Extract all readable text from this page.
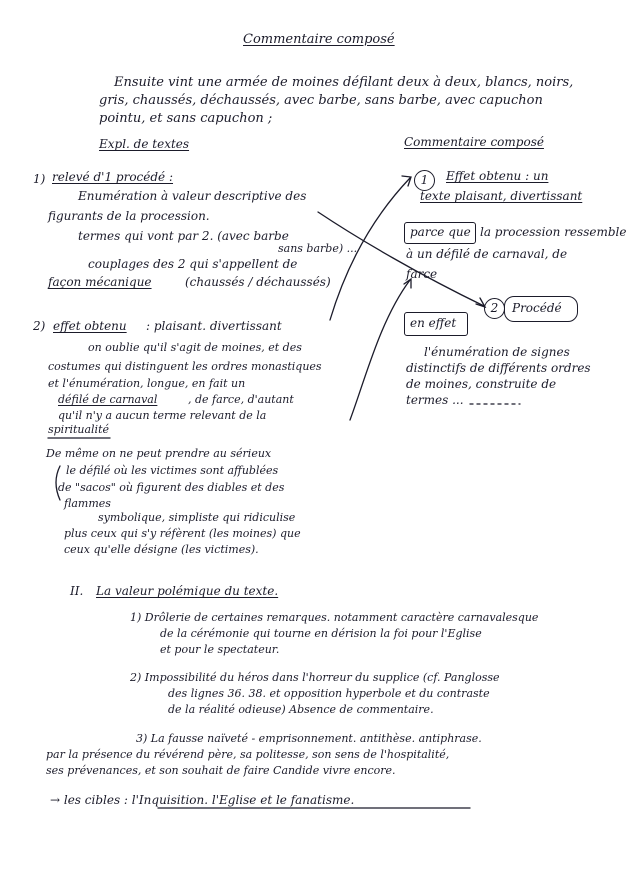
Commentaire composé
Ensuite vint une armée de moines défilant deux à deux, blancs, noirs,
gris, chaussés, déchaussés, avec barbe, sans barbe, avec capuchon
pointu, et sans capuchon ;
Expl. de textes	Commentaire composé
1) relevé d'1 procédé :
Enumération à valeur descriptive des
figurants de la procession.
termes qui vont par 2. (avec barbe
sans barbe) ...
couplages des 2 qui s'appellent de
façon mécanique	(chaussés / déchaussés)
2) effet obtenu : plaisant. divertissant
on oublie qu'il s'agit de moines, et des
costumes qui distinguent les ordres monastiques
et l'énumération, longue, en fait un
défilé de carnaval	, de farce, d'autant
qu'il n'y a aucun terme relevant de la
spiritualité
1	Effet obtenu : un
texte plaisant, divertissant
parce que la procession ressemble
à un défilé de carnaval, de
farce
2	Procédé
en effet
l'énumération de signes
distinctifs de différents ordres
de moines, construite de
termes ...
De même on ne peut prendre au sérieux
le défilé où les victimes sont affublées
de "sacos" où figurent des diables et des
flammes
symbolique, simpliste qui ridiculise
plus ceux qui s'y réfèrent (les moines) que
ceux qu'elle désigne (les victimes).
II. La valeur polémique du texte.
1) Drôlerie de certaines remarques. notamment caractère carnavalesque
de la cérémonie qui tourne en dérision la foi pour l'Eglise
et pour le spectateur.
2) Impossibilité du héros dans l'horreur du supplice (cf. Panglosse
des lignes 36. 38. et opposition hyperbole et du contraste
de la réalité odieuse) Absence de commentaire.
3) La fausse naïveté - emprisonnement. antithèse. antiphrase.
par la présence du révérend père, sa politesse, son sens de l'hospitalité,
ses prévenances, et son souhait de faire Candide vivre encore.
→ les cibles : l'Inquisition. l'Eglise et le fanatisme.
